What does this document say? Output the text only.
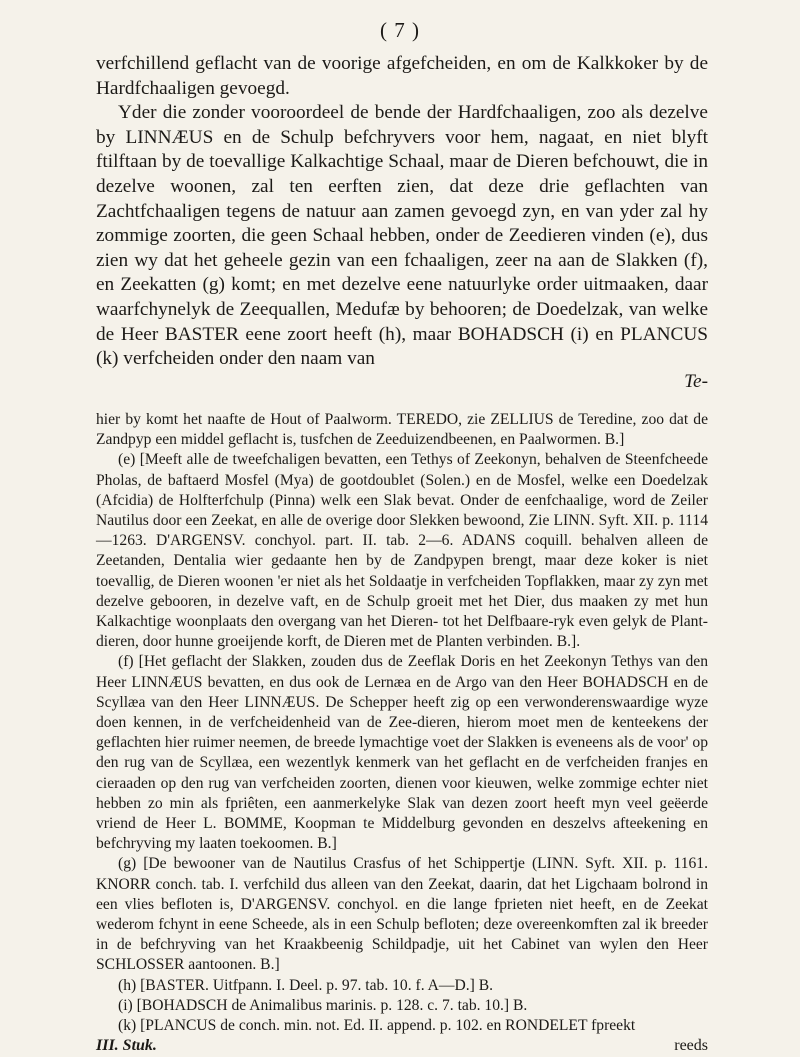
( 7 )

verfchillend geflacht van de voorige afgefcheiden, en om de Kalkkoker by de Hardfchaaligen gevoegd.

Yder die zonder vooroordeel de bende der Hardfchaaligen, zoo als dezelve by LINNÆUS en de Schulp befchryvers voor hem, nagaat, en niet blyft ftilftaan by de toevallige Kalkachtige Schaal, maar de Dieren befchouwt, die in dezelve woonen, zal ten eerften zien, dat deze drie geflachten van Zachtfchaaligen tegens de natuur aan zamen gevoegd zyn, en van yder zal hy zommige zoorten, die geen Schaal hebben, onder de Zeedieren vinden (e), dus zien wy dat het geheele gezin van een fchaaligen, zeer na aan de Slakken (f), en Zeekatten (g) komt; en met dezelve eene natuurlyke order uitmaaken, daar waarfchynelyk de Zeequallen, Medufæ by behooren; de Doedelzak, van welke de Heer BASTER eene zoort heeft (h), maar BOHADSCH (i) en PLANCUS (k) verfcheiden onder den naam van

Te-

hier by komt het naafte de Hout of Paalworm. TEREDO, zie ZELLIUS de Teredine, zoo dat de Zandpyp een middel geflacht is, tusfchen de Zeeduizendbeenen, en Paalwormen. B.]

(e) [Meeft alle de tweefchaligen bevatten, een Tethys of Zeekonyn, behalven de Steenfcheede Pholas, de baftaerd Mosfel (Mya) de gootdoublet (Solen.) en de Mosfel, welke een Doedelzak (Afcidia) de Holfterfchulp (Pinna) welk een Slak bevat. Onder de eenfchaalige, word de Zeiler Nautilus door een Zeekat, en alle de overige door Slekken bewoond, Zie LINN. Syft. XII. p. 1114—1263. D'ARGENSV. conchyol. part. II. tab. 2—6. ADANS coquill. behalven alleen de Zeetanden, Dentalia wier gedaante hen by de Zandpypen brengt, maar deze koker is niet toevallig, de Dieren woonen 'er niet als het Soldaatje in verfcheiden Topflakken, maar zy zyn met dezelve gebooren, in dezelve vaft, en de Schulp groeit met het Dier, dus maaken zy met hun Kalkachtige woonplaats den overgang van het Dieren- tot het Delfbaare-ryk even gelyk de Plant-dieren, door hunne groeijende korft, de Dieren met de Planten verbinden. B.].

(f) [Het geflacht der Slakken, zouden dus de Zeeflak Doris en het Zeekonyn Tethys van den Heer LINNÆUS bevatten, en dus ook de Lernæa en de Argo van den Heer BOHADSCH en de Scyllæa van den Heer LINNÆUS. De Schepper heeft zig op een verwonderenswaardige wyze doen kennen, in de verfcheidenheid van de Zee-dieren, hierom moet men de kenteekens der geflachten hier ruimer neemen, de breede lymachtige voet der Slakken is eveneens als de voor' op den rug van de Scyllæa, een wezentlyk kenmerk van het geflacht en de verfcheiden franjes en cieraaden op den rug van verfcheiden zoorten, dienen voor kieuwen, welke zommige echter niet hebben zo min als fpriêten, een aanmerkelyke Slak van dezen zoort heeft myn veel geëerde vriend de Heer L. BOMME, Koopman te Middelburg gevonden en deszelvs afteekening en befchryving my laaten toekoomen. B.]

(g) [De bewooner van de Nautilus Crasfus of het Schippertje (LINN. Syft. XII. p. 1161. KNORR conch. tab. I. verfchild dus alleen van den Zeekat, daarin, dat het Ligchaam bolrond in een vlies befloten is, D'ARGENSV. conchyol. en die lange fprieten niet heeft, en de Zeekat wederom fchynt in eene Scheede, als in een Schulp befloten; deze overeenkomften zal ik breeder in de befchryving van het Kraakbeenig Schildpadje, uit het Cabinet van wylen den Heer SCHLOSSER aantoonen. B.]

(h) [BASTER. Uitfpann. I. Deel. p. 97. tab. 10. f. A—D.] B.

(i) [BOHADSCH de Animalibus marinis. p. 128. c. 7. tab. 10.] B.

(k) [PLANCUS de conch. min. not. Ed. II. append. p. 102. en RONDELET fpreekt

III. Stuk.	reeds
